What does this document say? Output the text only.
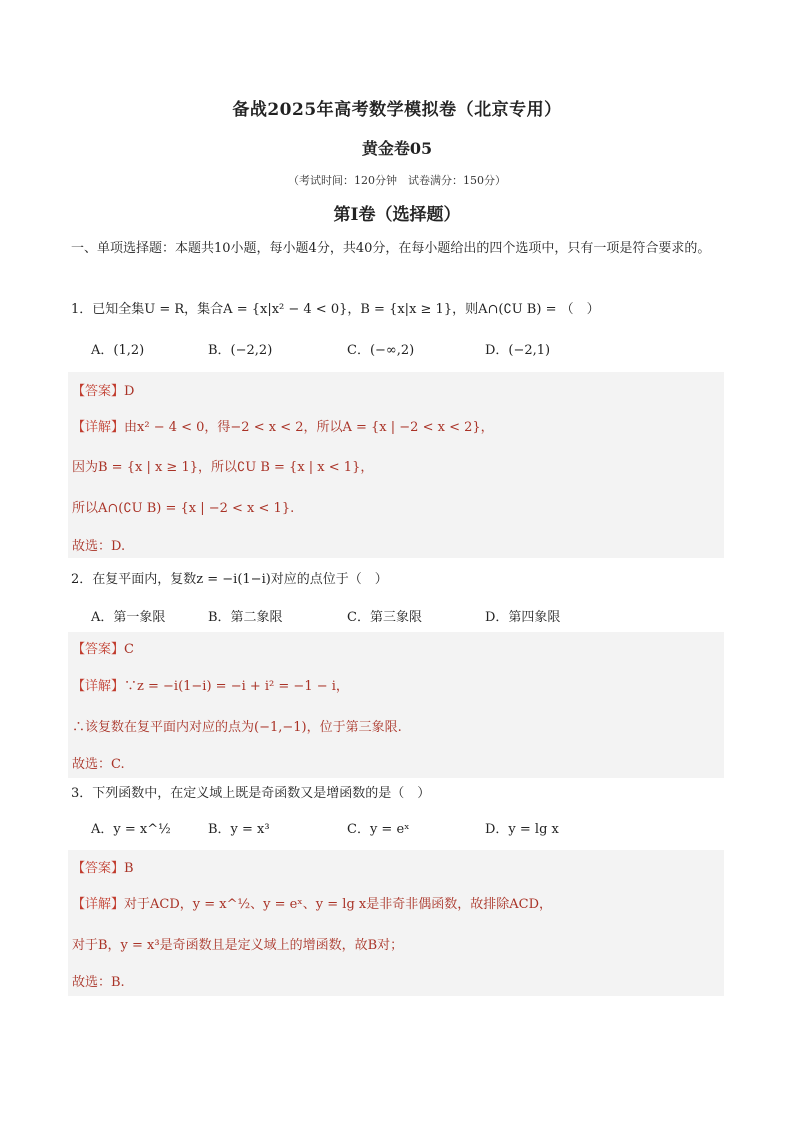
备战2025年高考数学模拟卷（北京专用）
黄金卷05
（考试时间：120分钟　试卷满分：150分）
第I卷（选择题）
一、单项选择题：本题共10小题，每小题4分，共40分，在每小题给出的四个选项中，只有一项是符合要求的。
1．已知全集U = R，集合A = {x|x² − 4 < 0}，B = {x|x ≥ 1}，则A∩(∁U B) = （　）
A．(1,2)	B．(−2,2)	C．(−∞,2)	D．(−2,1)
【答案】D
【详解】由x² − 4 < 0，得−2 < x < 2，所以A = {x | −2 < x < 2}，
因为B = {x | x ≥ 1}，所以∁U B = {x | x < 1}，
所以A∩(∁U B) = {x | −2 < x < 1}.
故选：D.
2．在复平面内，复数z = −i(1−i)对应的点位于（　）
A．第一象限	B．第二象限	C．第三象限	D．第四象限
【答案】C
【详解】∵z = −i(1−i) = −i + i² = −1 − i，
∴该复数在复平面内对应的点为(−1,−1)，位于第三象限.
故选：C.
3．下列函数中，在定义域上既是奇函数又是增函数的是（　）
A．y = x^½	B．y = x³	C．y = eˣ	D．y = lg x
【答案】B
【详解】对于ACD，y = x^½、y = eˣ、y = lg x是非奇非偶函数，故排除ACD，
对于B，y = x³是奇函数且是定义域上的增函数，故B对；
故选：B.
